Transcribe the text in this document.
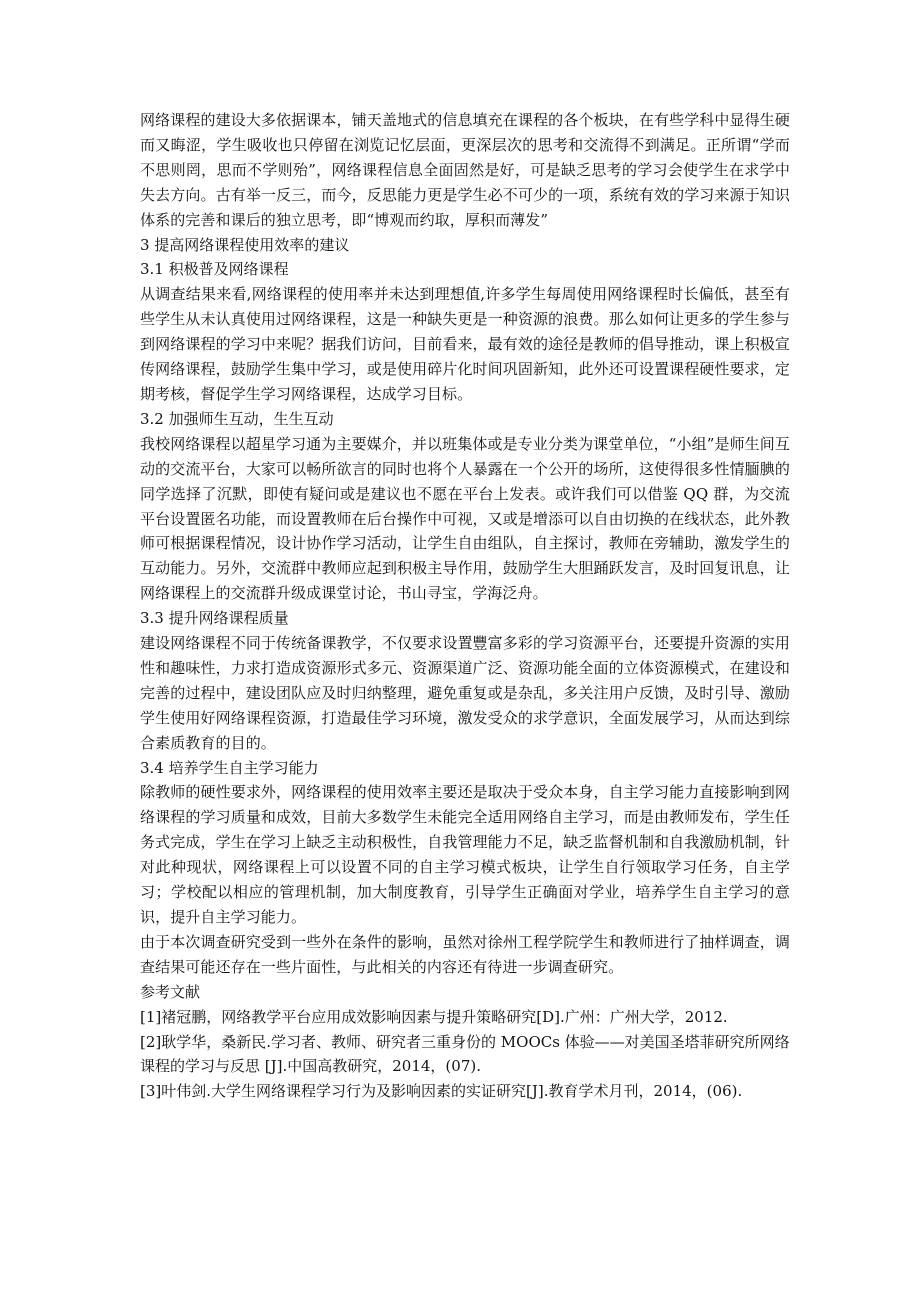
网络课程的建设大多依据课本，铺天盖地式的信息填充在课程的各个板块，在有些学科中显得生硬而又晦涩，学生吸收也只停留在浏览记忆层面，更深层次的思考和交流得不到满足。正所谓“学而不思则罔，思而不学则殆”，网络课程信息全面固然是好，可是缺乏思考的学习会使学生在求学中失去方向。古有举一反三，而今，反思能力更是学生必不可少的一项，系统有效的学习来源于知识体系的完善和课后的独立思考，即“博观而约取，厚积而薄发”

3 提高网络课程使用效率的建议

3.1 积极普及网络课程

从调查结果来看,网络课程的使用率并未达到理想值,许多学生每周使用网络课程时长偏低，甚至有些学生从未认真使用过网络课程，这是一种缺失更是一种资源的浪费。那么如何让更多的学生参与到网络课程的学习中来呢？据我们访问，目前看来，最有效的途径是教师的倡导推动，课上积极宣传网络课程，鼓励学生集中学习，或是使用碎片化时间巩固新知，此外还可设置课程硬性要求，定期考核，督促学生学习网络课程，达成学习目标。

3.2 加强师生互动，生生互动

我校网络课程以超星学习通为主要媒介，并以班集体或是专业分类为课堂单位，“小组”是师生间互动的交流平台，大家可以畅所欲言的同时也将个人暴露在一个公开的场所，这使得很多性情腼腆的同学选择了沉默，即使有疑问或是建议也不愿在平台上发表。或许我们可以借鉴 QQ 群，为交流平台设置匿名功能，而设置教师在后台操作中可视，又或是增添可以自由切换的在线状态，此外教师可根据课程情况，设计协作学习活动，让学生自由组队，自主探讨，教师在旁辅助，激发学生的互动能力。另外，交流群中教师应起到积极主导作用，鼓励学生大胆踊跃发言，及时回复讯息，让网络课程上的交流群升级成课堂讨论，书山寻宝，学海泛舟。

3.3 提升网络课程质量

建设网络课程不同于传统备课教学，不仅要求设置豐富多彩的学习资源平台，还要提升资源的实用性和趣味性，力求打造成资源形式多元、资源渠道广泛、资源功能全面的立体资源模式，在建设和完善的过程中，建设团队应及时归纳整理，避免重复或是杂乱，多关注用户反馈，及时引导、激励学生使用好网络课程资源，打造最佳学习环境，激发受众的求学意识，全面发展学习，从而达到综合素质教育的目的。

3.4 培养学生自主学习能力

除教师的硬性要求外，网络课程的使用效率主要还是取决于受众本身，自主学习能力直接影响到网络课程的学习质量和成效，目前大多数学生未能完全适用网络自主学习，而是由教师发布，学生任务式完成，学生在学习上缺乏主动积极性，自我管理能力不足，缺乏监督机制和自我激励机制，针对此种现状，网络课程上可以设置不同的自主学习模式板块，让学生自行领取学习任务，自主学习；学校配以相应的管理机制，加大制度教育，引导学生正确面对学业，培养学生自主学习的意识，提升自主学习能力。

由于本次调查研究受到一些外在条件的影响，虽然对徐州工程学院学生和教师进行了抽样调查，调查结果可能还存在一些片面性，与此相关的内容还有待进一步调查研究。

参考文献

[1]褚冠鹏，网络教学平台应用成效影响因素与提升策略研究[D].广州：广州大学，2012.

[2]耿学华，桑新民.学习者、教师、研究者三重身份的 MOOCs 体验——对美国圣塔菲研究所网络课程的学习与反思 [J].中国高教研究，2014，(07).

[3]叶伟剑.大学生网络课程学习行为及影响因素的实证研究[J].教育学术月刊，2014，(06).
